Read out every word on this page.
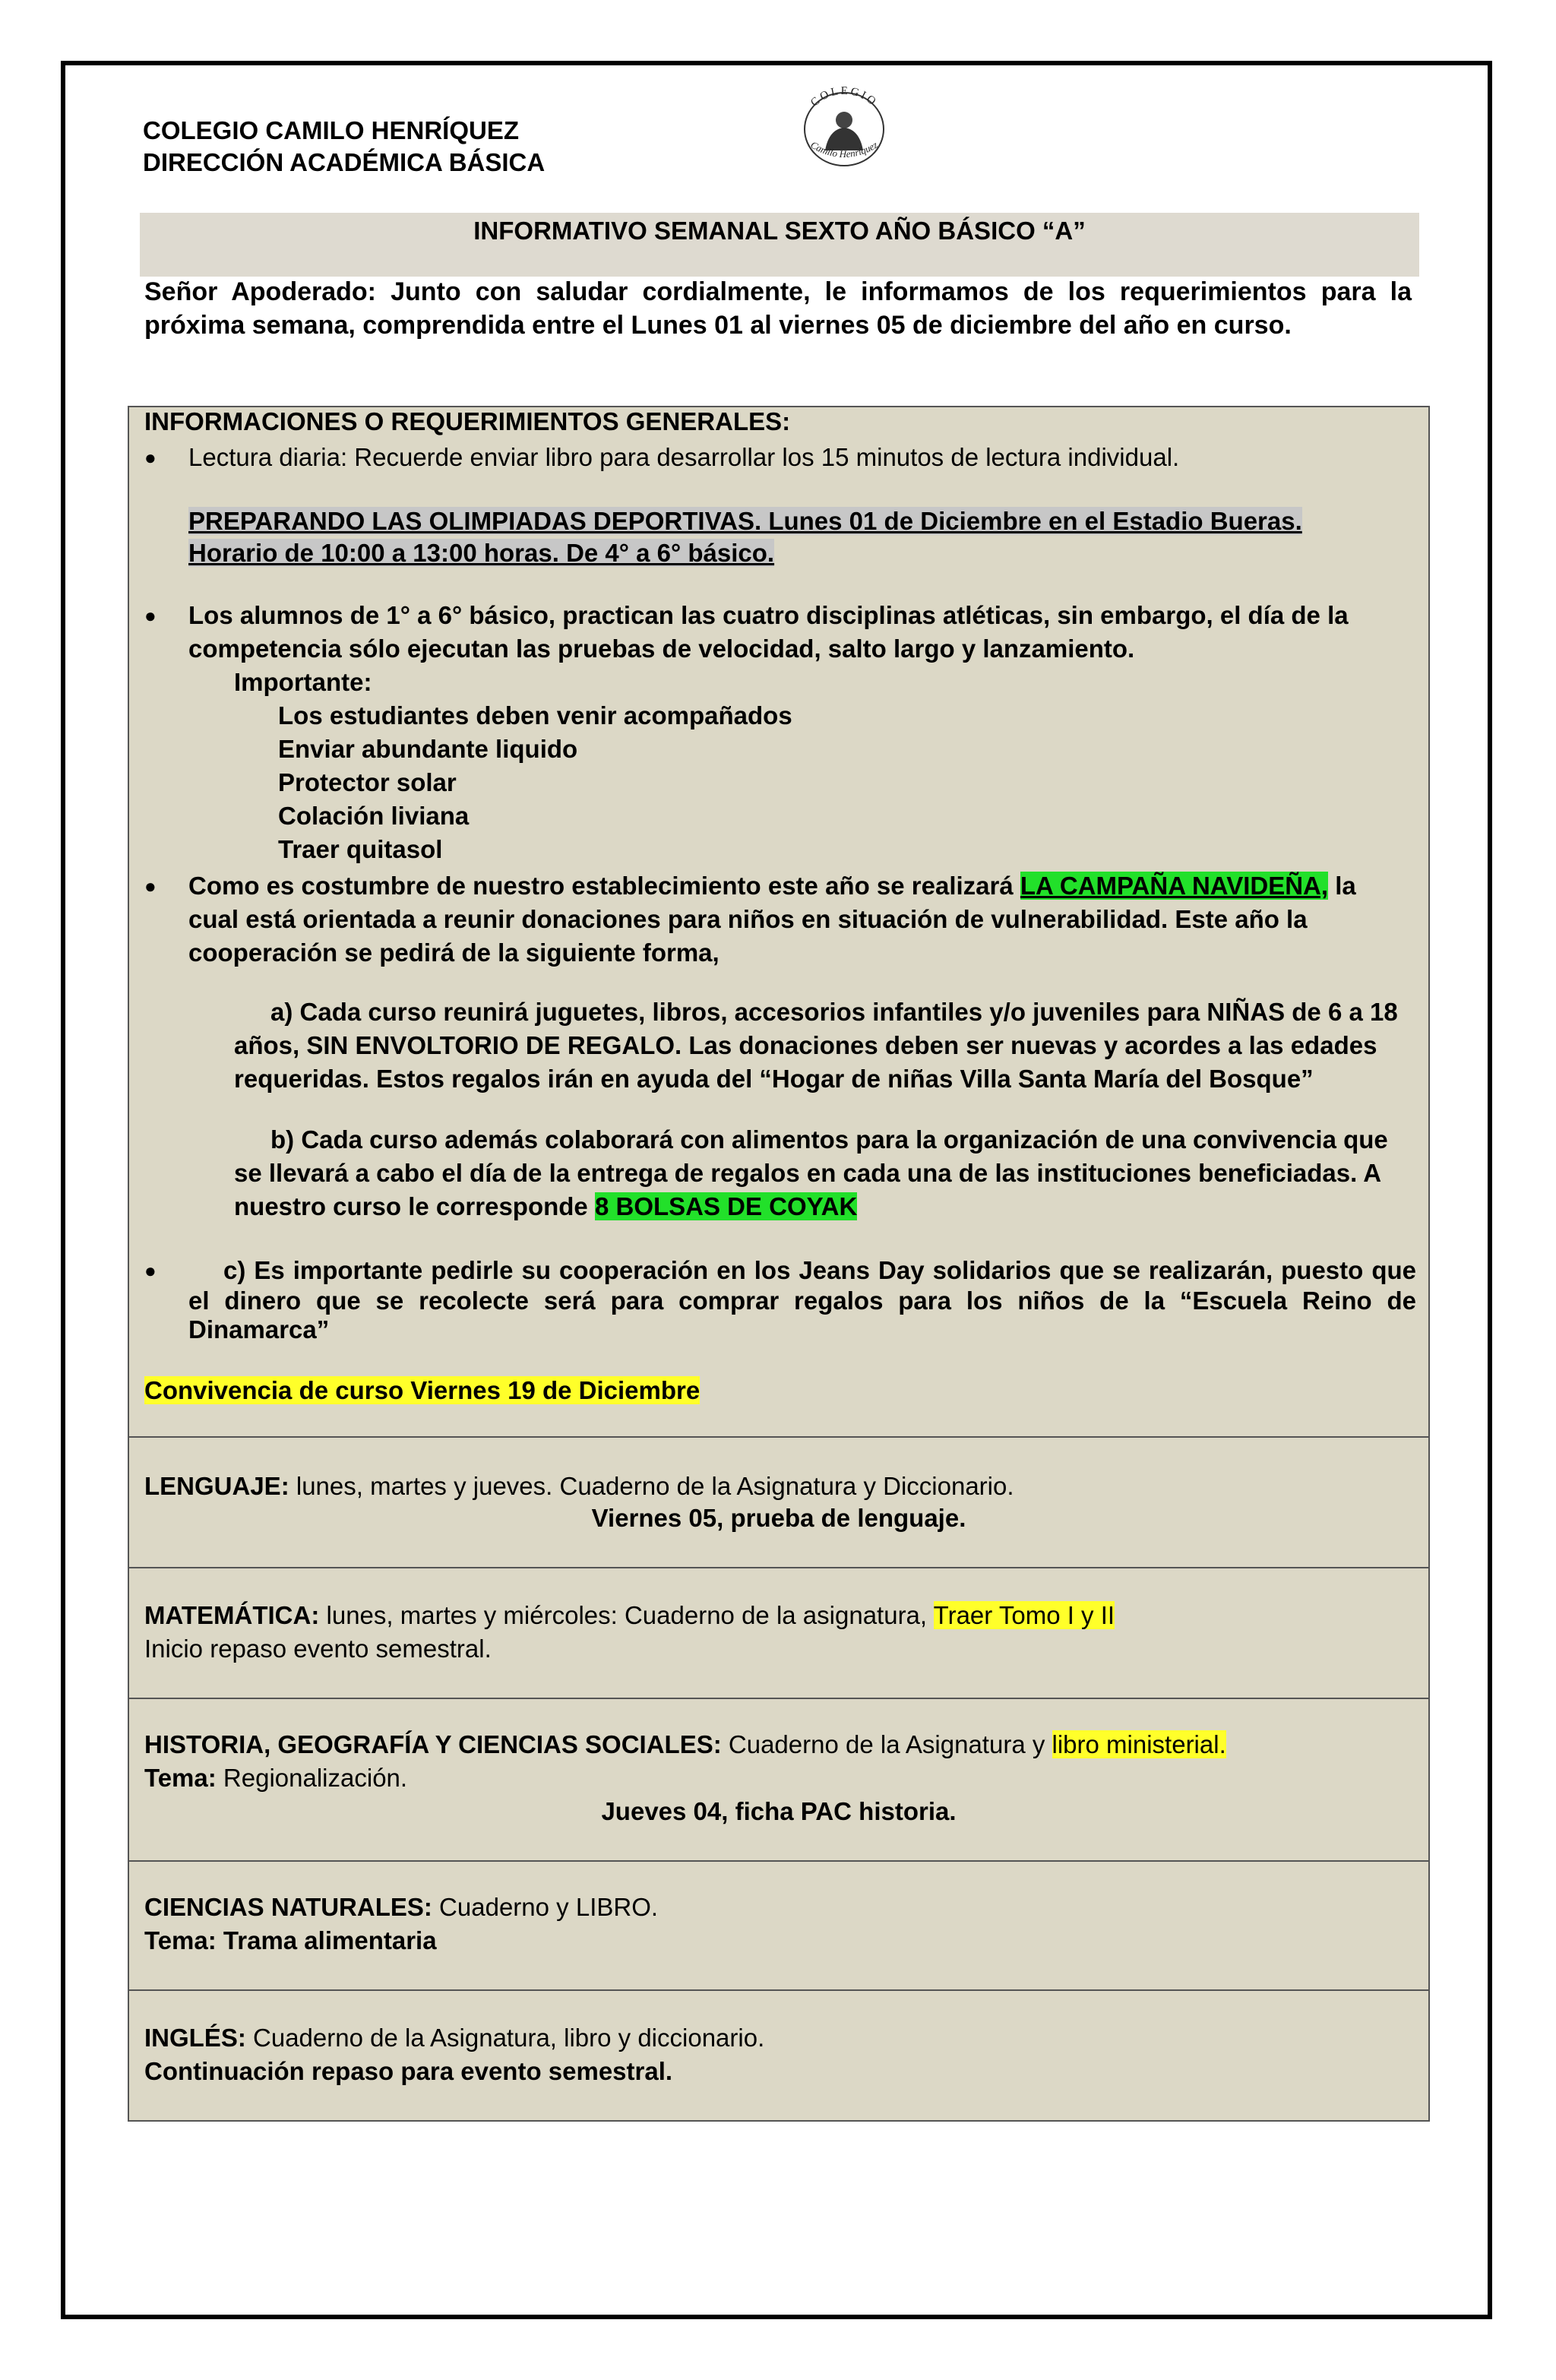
COLEGIO CAMILO HENRÍQUEZ
DIRECCIÓN ACADÉMICA BÁSICA
COLEGIO
Camilo Henríquez
INFORMATIVO SEMANAL SEXTO AÑO BÁSICO “A”
Señor Apoderado: Junto con saludar cordialmente, le informamos de los requerimientos para la próxima semana, comprendida entre el Lunes 01 al viernes 05 de diciembre del año en curso.
INFORMACIONES O REQUERIMIENTOS GENERALES:
● Lectura diaria: Recuerde enviar libro para desarrollar los 15 minutos de lectura individual.
PREPARANDO LAS OLIMPIADAS DEPORTIVAS. Lunes 01 de Diciembre en el Estadio Bueras.
Horario de 10:00 a 13:00 horas. De 4° a 6° básico.
● Los alumnos de 1° a 6° básico, practican las cuatro disciplinas atléticas, sin embargo, el día de la
competencia sólo ejecutan las pruebas de velocidad, salto largo y lanzamiento.
Importante:
Los estudiantes deben venir acompañados
Enviar abundante liquido
Protector solar
Colación liviana
Traer quitasol
● Como es costumbre de nuestro establecimiento este año se realizará LA CAMPAÑA NAVIDEÑA, la
cual está orientada a reunir donaciones para niños en situación de vulnerabilidad. Este año la
cooperación se pedirá de la siguiente forma,
a) Cada curso reunirá juguetes, libros, accesorios infantiles y/o juveniles para NIÑAS de 6 a 18
años, SIN ENVOLTORIO DE REGALO. Las donaciones deben ser nuevas y acordes a las edades
requeridas. Estos regalos irán en ayuda del “Hogar de niñas Villa Santa María del Bosque”
b) Cada curso además colaborará con alimentos para la organización de una convivencia que
se llevará a cabo el día de la entrega de regalos en cada una de las instituciones beneficiadas. A
nuestro curso le corresponde 8 BOLSAS DE COYAK
●	c) Es importante pedirle su cooperación en los Jeans Day solidarios que se realizarán, puesto que
el dinero que se recolecte será para comprar regalos para los niños de la “Escuela Reino de
Dinamarca”
Convivencia de curso Viernes 19 de Diciembre
LENGUAJE: lunes, martes y jueves. Cuaderno de la Asignatura y Diccionario.
Viernes 05, prueba de lenguaje.
MATEMÁTICA: lunes, martes y miércoles: Cuaderno de la asignatura, Traer Tomo I y II
Inicio repaso evento semestral.
HISTORIA, GEOGRAFÍA Y CIENCIAS SOCIALES: Cuaderno de la Asignatura y libro ministerial.
Tema: Regionalización.
Jueves 04, ficha PAC historia.
CIENCIAS NATURALES: Cuaderno y LIBRO.
Tema: Trama alimentaria
INGLÉS: Cuaderno de la Asignatura, libro y diccionario.
Continuación repaso para evento semestral.
